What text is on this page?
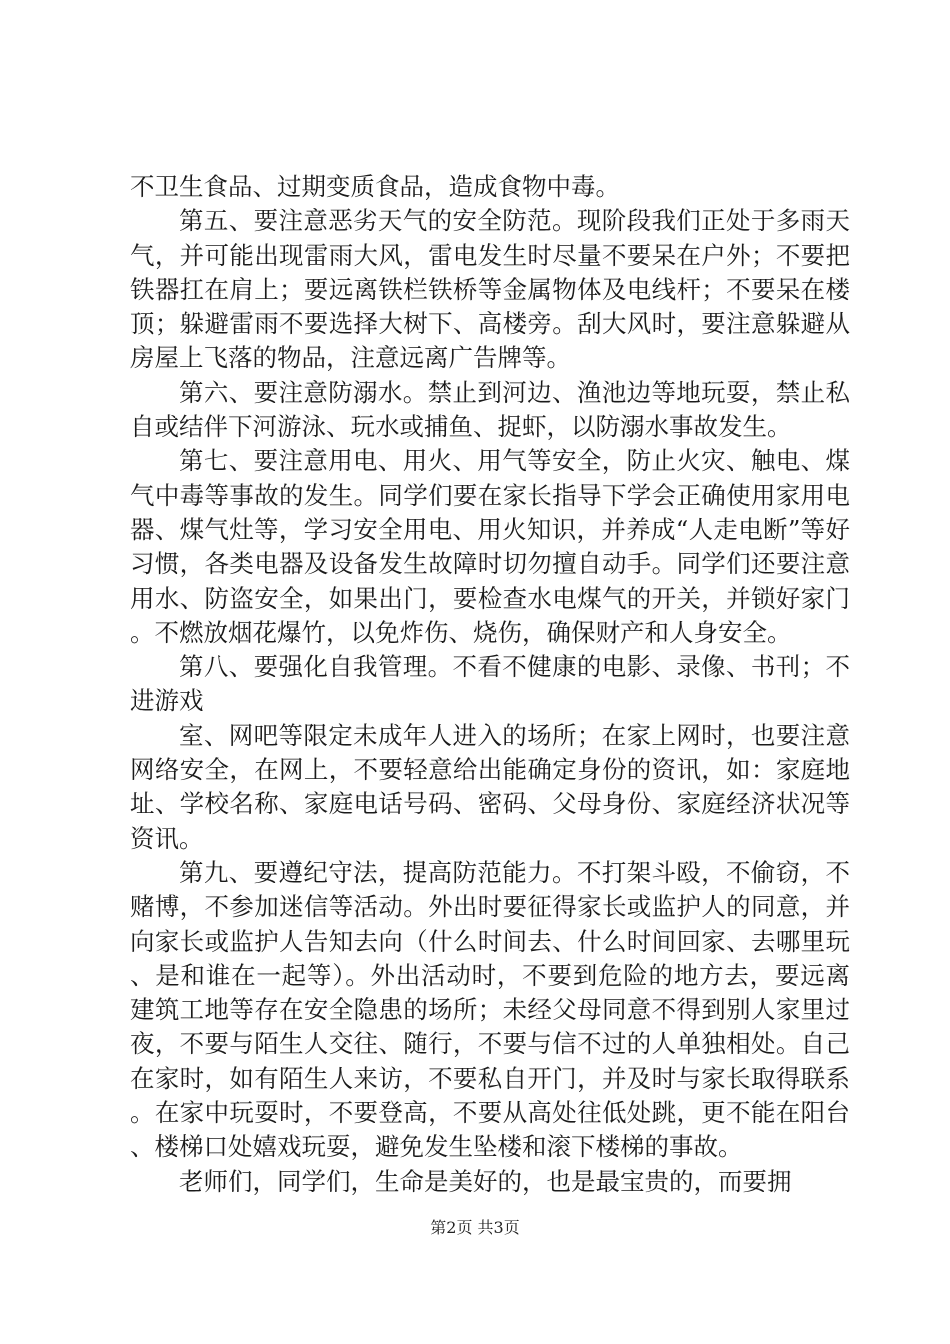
不卫生食品、过期变质食品，造成食物中毒。

第五、要注意恶劣天气的安全防范。现阶段我们正处于多雨天气，并可能出现雷雨大风，雷电发生时尽量不要呆在户外；不要把铁器扛在肩上；要远离铁栏铁桥等金属物体及电线杆；不要呆在楼顶；躲避雷雨不要选择大树下、高楼旁。刮大风时，要注意躲避从房屋上飞落的物品，注意远离广告牌等。

第六、要注意防溺水。禁止到河边、渔池边等地玩耍，禁止私自或结伴下河游泳、玩水或捕鱼、捉虾，以防溺水事故发生。

第七、要注意用电、用火、用气等安全，防止火灾、触电、煤气中毒等事故的发生。同学们要在家长指导下学会正确使用家用电器、煤气灶等，学习安全用电、用火知识，并养成“人走电断”等好习惯，各类电器及设备发生故障时切勿擅自动手。同学们还要注意用水、防盗安全，如果出门，要检查水电煤气的开关，并锁好家门。不燃放烟花爆竹，以免炸伤、烧伤，确保财产和人身安全。

第八、要强化自我管理。不看不健康的电影、录像、书刊；不进游戏

室、网吧等限定未成年人进入的场所；在家上网时，也要注意网络安全，在网上，不要轻意给出能确定身份的资讯，如：家庭地址、学校名称、家庭电话号码、密码、父母身份、家庭经济状况等资讯。

第九、要遵纪守法，提高防范能力。不打架斗殴，不偷窃，不赌博，不参加迷信等活动。外出时要征得家长或监护人的同意，并向家长或监护人告知去向（什么时间去、什么时间回家、去哪里玩、是和谁在一起等）。外出活动时，不要到危险的地方去，要远离建筑工地等存在安全隐患的场所；未经父母同意不得到别人家里过夜，不要与陌生人交往、随行，不要与信不过的人单独相处。自己在家时，如有陌生人来访，不要私自开门，并及时与家长取得联系。在家中玩耍时，不要登高，不要从高处往低处跳，更不能在阳台、楼梯口处嬉戏玩耍，避免发生坠楼和滚下楼梯的事故。

老师们，同学们，生命是美好的，也是最宝贵的，而要拥

第2页 共3页
